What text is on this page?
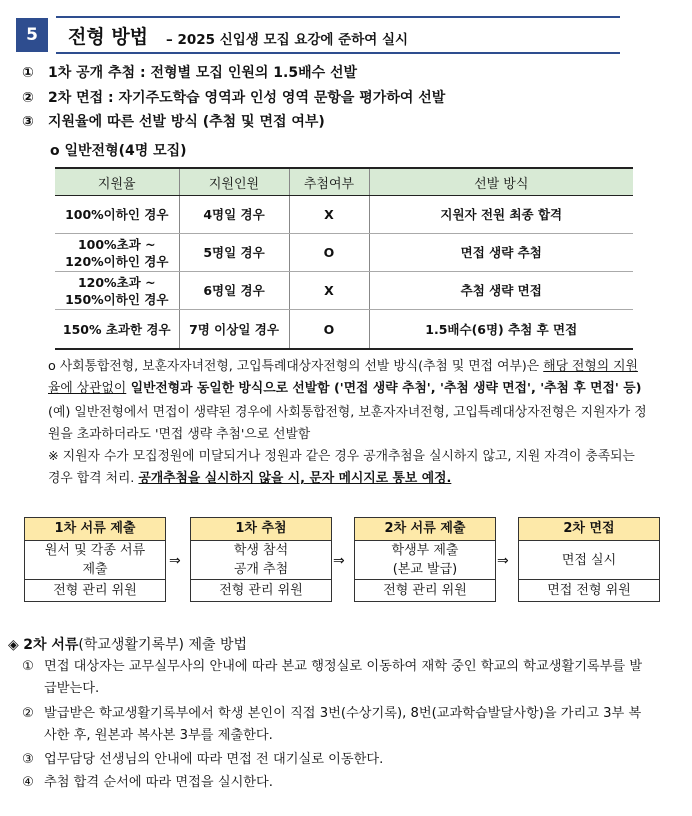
5	전형 방법 – 2025 신입생 모집 요강에 준하여 실시
① 1차 공개 추첨 : 전형별 모집 인원의 1.5배수 선발
② 2차 면접 : 자기주도학습 영역과 인성 영역 문항을 평가하여 선발
③ 지원율에 따른 선발 방식 (추첨 및 면접 여부)
o 일반전형(4명 모집)
지원율	지원인원	추첨여부	선발 방식
100%이하인 경우	4명일 경우	X	지원자 전원 최종 합격
100%초과 ~
120%이하인 경우	5명일 경우	O	면접 생략 추첨
120%초과 ~
150%이하인 경우	6명일 경우	X	추첨 생략 면접
150% 초과한 경우	7명 이상일 경우	O	1.5배수(6명) 추첨 후 면접
o 사회통합전형, 보훈자자녀전형, 고입특례대상자전형의 선발 방식(추첨 및 면접 여부)은 해당 전형의 지원율에 상관없이 일반전형과 동일한 방식으로 선발함 ('면접 생략 추첨', '추첨 생략 면접', '추첨 후 면접' 등)
(예) 일반전형에서 면접이 생략된 경우에 사회통합전형, 보훈자자녀전형, 고입특례대상자전형은 지원자가 정원을 초과하더라도 '면접 생략 추첨'으로 선발함
※ 지원자 수가 모집정원에 미달되거나 정원과 같은 경우 공개추첨을 실시하지 않고, 지원 자격이 충족되는 경우 합격 처리. 공개추첨을 실시하지 않을 시, 문자 메시지로 통보 예정.
1차 서류 제출
원서 및 각종 서류
제출
전형 관리 위원
⇒
1차 추첨
학생 참석
공개 추첨
전형 관리 위원
⇒
2차 서류 제출
학생부 제출
(본교 발급)
전형 관리 위원
⇒
2차 면접
면접 실시
면접 전형 위원
◈ 2차 서류(학교생활기록부) 제출 방법
① 면접 대상자는 교무실무사의 안내에 따라 본교 행정실로 이동하여 재학 중인 학교의 학교생활기록부를 발급받는다.
② 발급받은 학교생활기록부에서 학생 본인이 직접 3번(수상기록), 8번(교과학습발달사항)을 가리고 3부 복사한 후, 원본과 복사본 3부를 제출한다.
③ 업무담당 선생님의 안내에 따라 면접 전 대기실로 이동한다.
④ 추첨 합격 순서에 따라 면접을 실시한다.
